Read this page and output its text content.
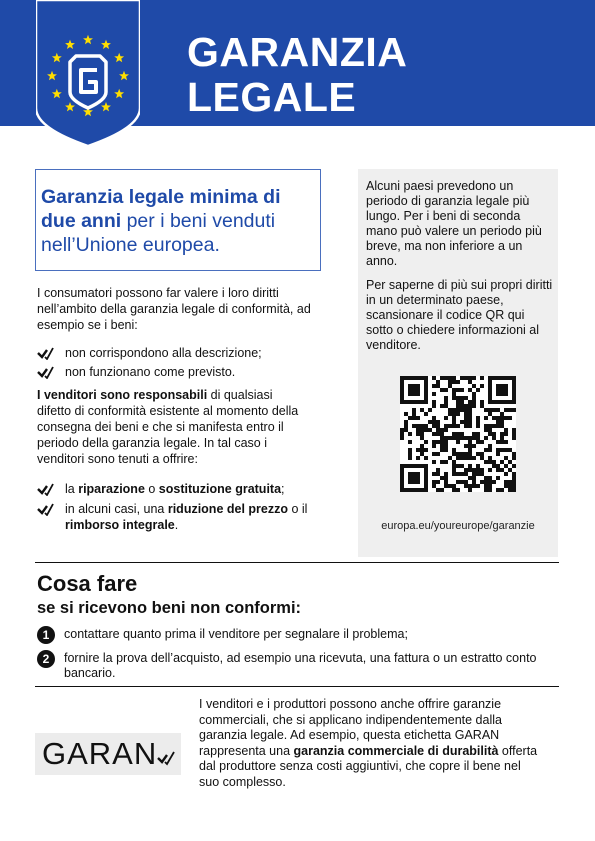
GARANZIA
LEGALE
Garanzia legale minima di due anni per i beni venduti nell’Unione europea.
I consumatori possono far valere i loro diritti nell’ambito della garanzia legale di conformità, ad esempio se i beni:
non corrispondono alla descrizione;
non funzionano come previsto.
I venditori sono responsabili di qualsiasi difetto di conformità esistente al momento della consegna dei beni e che si manifesta entro il periodo della garanzia legale. In tal caso i venditori sono tenuti a offrire:
la riparazione o sostituzione gratuita;
in alcuni casi, una riduzione del prezzo o il rimborso integrale.
Alcuni paesi prevedono un periodo di garanzia legale più lungo. Per i beni di seconda mano può valere un periodo più breve, ma non inferiore a un anno.
Per saperne di più sui propri diritti in un determinato paese, scansionare il codice QR qui sotto o chiedere informazioni al venditore.
europa.eu/youreurope/garanzie
Cosa fare
se si ricevono beni non conformi:
1	contattare quanto prima il venditore per segnalare il problema;
2	fornire la prova dell’acquisto, ad esempio una ricevuta, una fattura o un estratto conto bancario.
GARAN
I venditori e i produttori possono anche offrire garanzie commerciali, che si applicano indipendentemente dalla garanzia legale. Ad esempio, questa etichetta GARAN rappresenta una garanzia commerciale di durabilità offerta dal produttore senza costi aggiuntivi, che copre il bene nel suo complesso.
